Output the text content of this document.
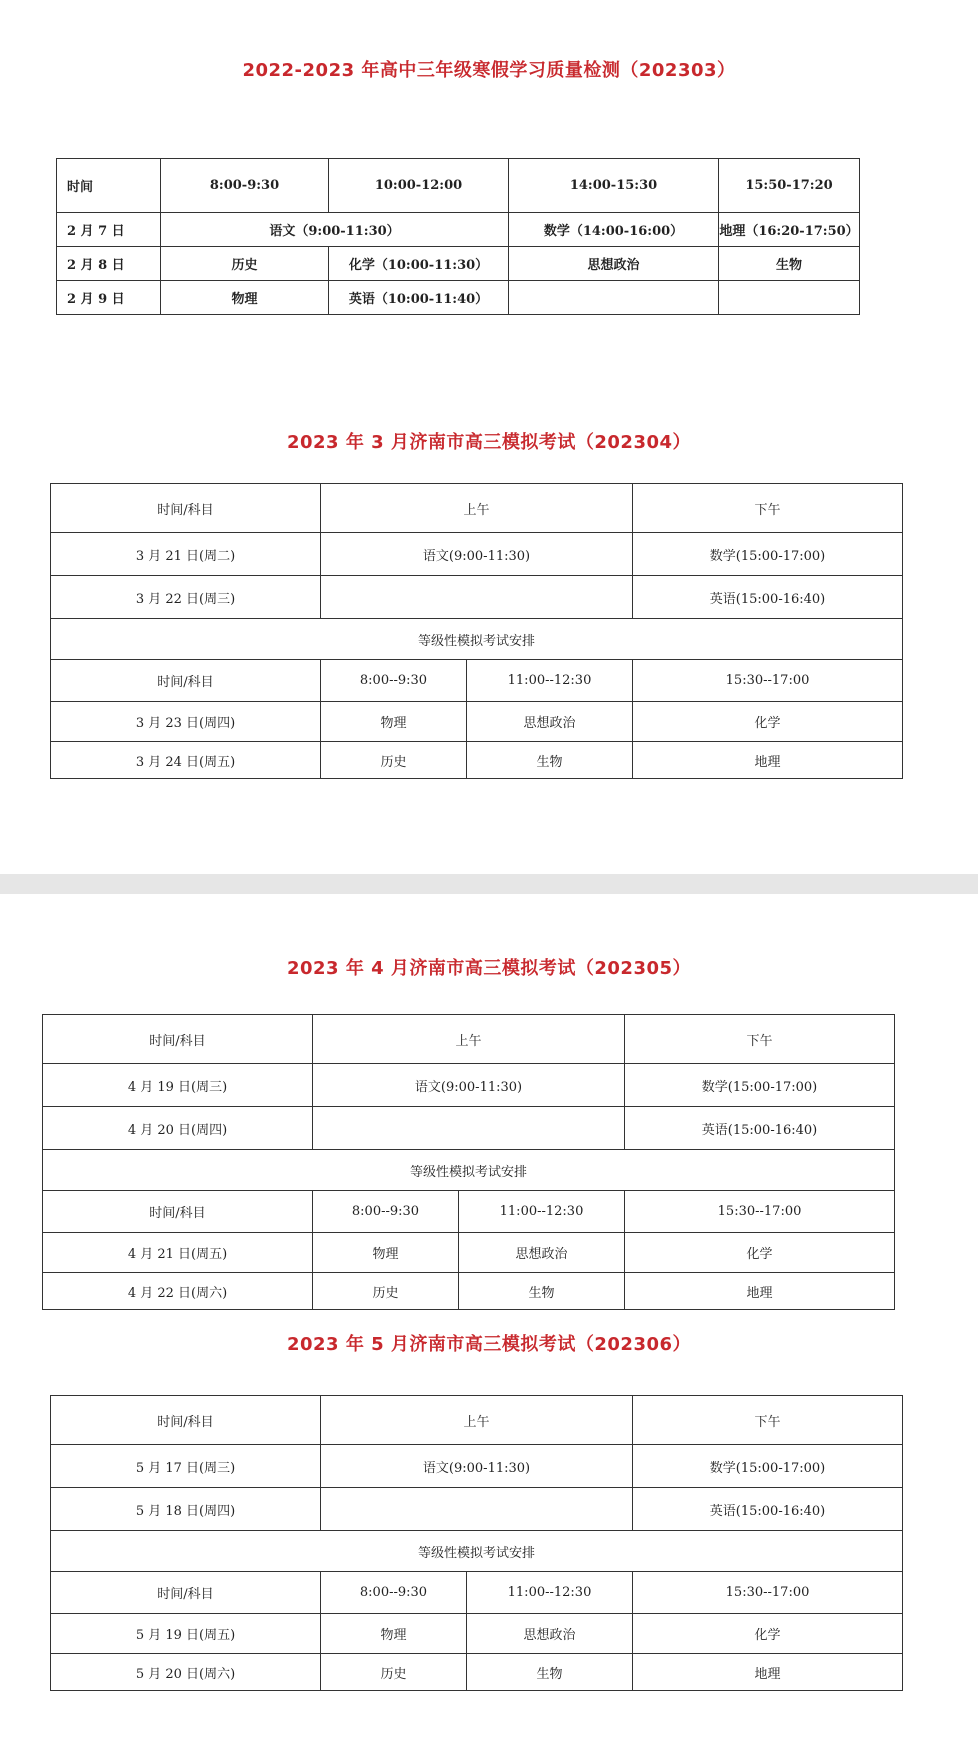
2022-2023 年高中三年级寒假学习质量检测（202303）
时间	8:00-9:30	10:00-12:00	14:00-15:30	15:50-17:20
2 月 7 日	语文（9:00-11:30）		数学（14:00-16:00）	地理（16:20-17:50）
2 月 8 日	历史	化学（10:00-11:30）	思想政治	生物
2 月 9 日	物理	英语（10:00-11:40）		
2023 年 3 月济南市高三模拟考试（202304）
时间/科目	上午		下午
3 月 21 日(周二)	语文(9:00-11:30)		数学(15:00-17:00)
3 月 22 日(周三)			英语(15:00-16:40)
等级性模拟考试安排			
时间/科目	8:00--9:30	11:00--12:30	15:30--17:00
3 月 23 日(周四)	物理	思想政治	化学
3 月 24 日(周五)	历史	生物	地理
2023 年 4 月济南市高三模拟考试（202305）
时间/科目	上午		下午
4 月 19 日(周三)	语文(9:00-11:30)		数学(15:00-17:00)
4 月 20 日(周四)			英语(15:00-16:40)
等级性模拟考试安排			
时间/科目	8:00--9:30	11:00--12:30	15:30--17:00
4 月 21 日(周五)	物理	思想政治	化学
4 月 22 日(周六)	历史	生物	地理
2023 年 5 月济南市高三模拟考试（202306）
时间/科目	上午		下午
5 月 17 日(周三)	语文(9:00-11:30)		数学(15:00-17:00)
5 月 18 日(周四)			英语(15:00-16:40)
等级性模拟考试安排			
时间/科目	8:00--9:30	11:00--12:30	15:30--17:00
5 月 19 日(周五)	物理	思想政治	化学
5 月 20 日(周六)	历史	生物	地理
